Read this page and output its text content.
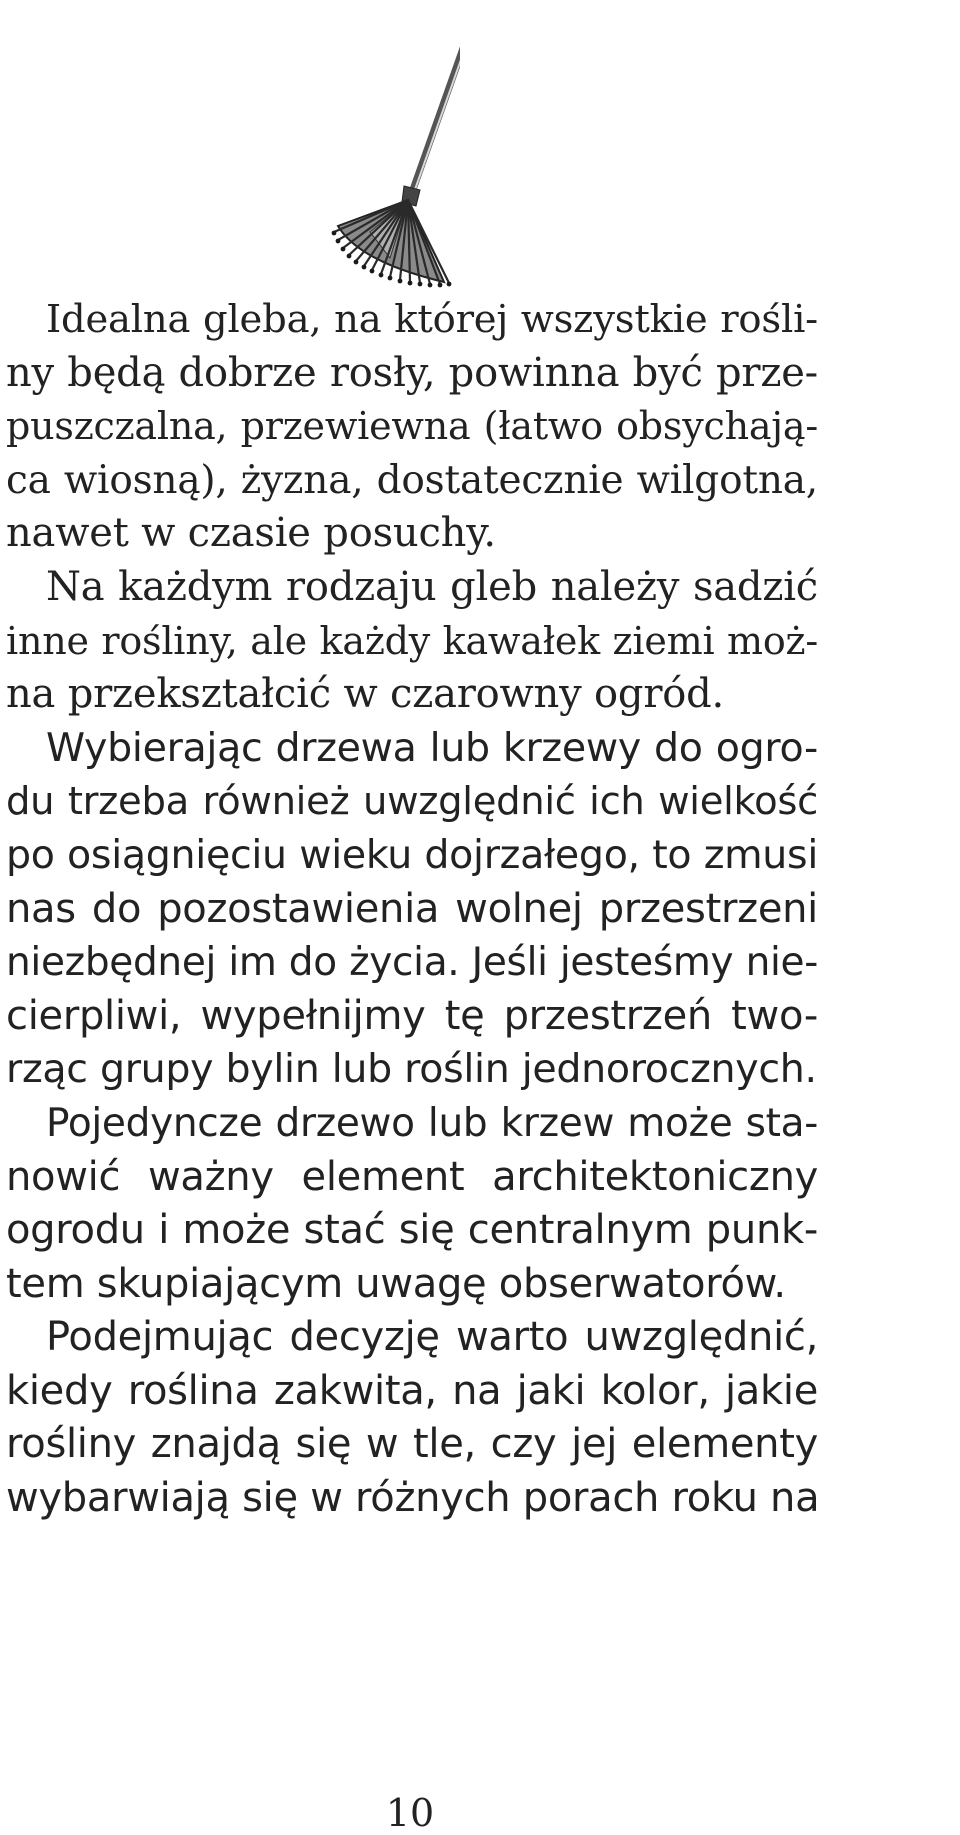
Idealna gleba, na której wszystkie rośli-
ny będą dobrze rosły, powinna być prze-
puszczalna, przewiewna (łatwo obsychają-
ca wiosną), żyzna, dostatecznie wilgotna,
nawet w czasie posuchy.
Na każdym rodzaju gleb należy sadzić
inne rośliny, ale każdy kawałek ziemi moż-
na przekształcić w czarowny ogród.
Wybierając drzewa lub krzewy do ogro-
du trzeba również uwzględnić ich wielkość
po osiągnięciu wieku dojrzałego, to zmusi
nas do pozostawienia wolnej przestrzeni
niezbędnej im do życia. Jeśli jesteśmy nie-
cierpliwi, wypełnijmy tę przestrzeń two-
rząc grupy bylin lub roślin jednorocznych.
Pojedyncze drzewo lub krzew może sta-
nowić ważny element architektoniczny
ogrodu i może stać się centralnym punk-
tem skupiającym uwagę obserwatorów.
Podejmując decyzję warto uwzględnić,
kiedy roślina zakwita, na jaki kolor, jakie
rośliny znajdą się w tle, czy jej elementy
wybarwiają się w różnych porach roku na
10
